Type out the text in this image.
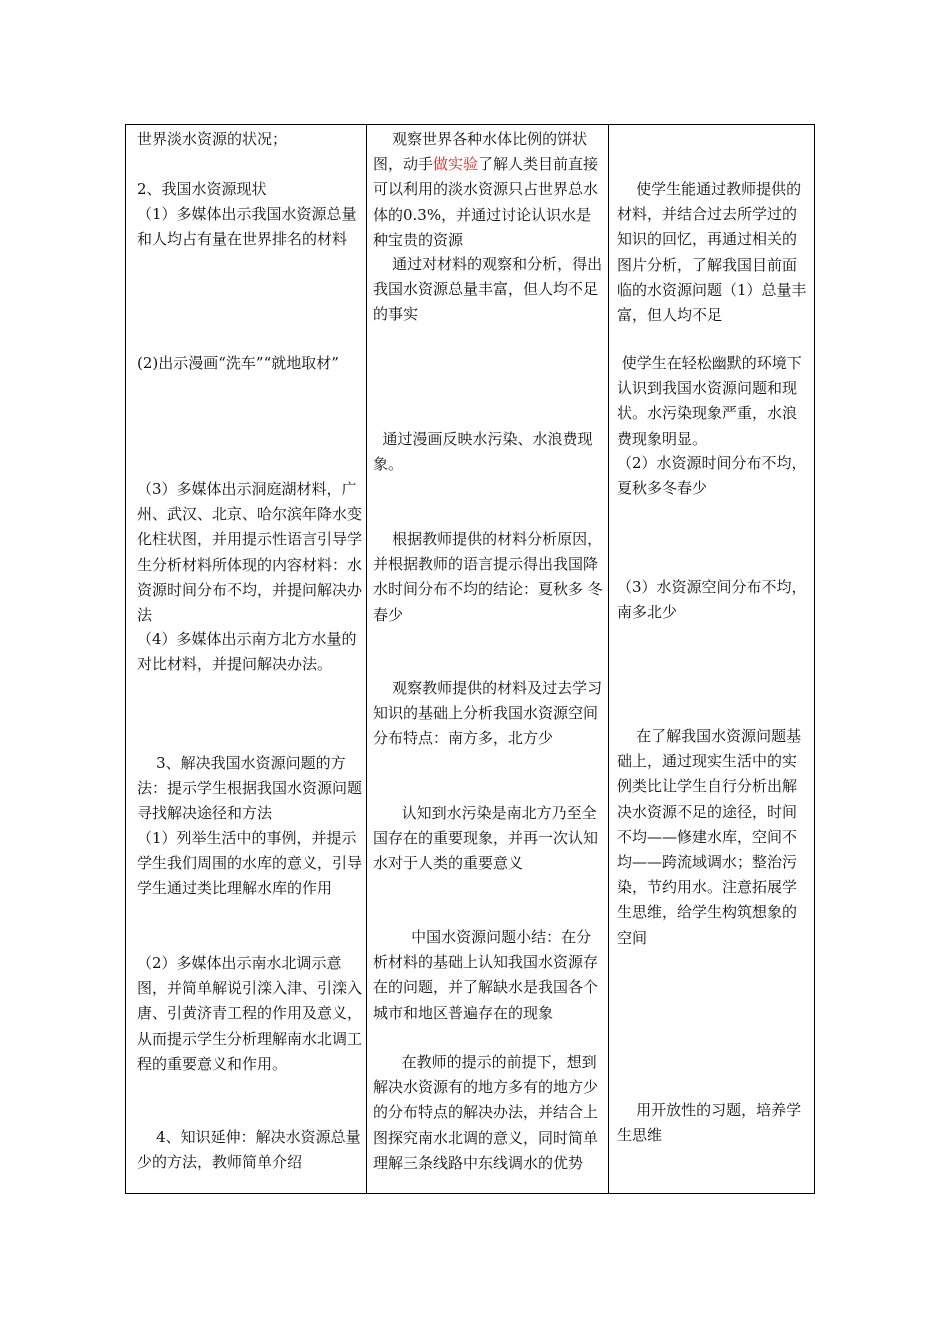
世界淡水资源的状况；
2、我国水资源现状
（1）多媒体出示我国水资源总量和人均占有量在世界排名的材料
(2)出示漫画“洗车”“就地取材”
（3）多媒体出示洞庭湖材料，广州、武汉、北京、哈尔滨年降水变化柱状图，并用提示性语言引导学生分析材料所体现的内容材料：水资源时间分布不均，并提问解决办法
（4）多媒体出示南方北方水量的对比材料，并提问解决办法。
3、解决我国水资源问题的方法：提示学生根据我国水资源问题寻找解决途径和方法
（1）列举生活中的事例，并提示学生我们周围的水库的意义，引导学生通过类比理解水库的作用
（2）多媒体出示南水北调示意图，并简单解说引滦入津、引滦入唐、引黄济青工程的作用及意义，从而提示学生分析理解南水北调工程的重要意义和作用。
4、知识延伸：解决水资源总量少的方法，教师简单介绍
观察世界各种水体比例的饼状图，动手做实验了解人类目前直接可以利用的淡水资源只占世界总水体的0.3%，并通过讨论认识水是种宝贵的资源
通过对材料的观察和分析，得出我国水资源总量丰富，但人均不足的事实
通过漫画反映水污染、水浪费现象。
根据教师提供的材料分析原因，并根据教师的语言提示得出我国降水时间分布不均的结论：夏秋多 冬春少
观察教师提供的材料及过去学习知识的基础上分析我国水资源空间分布特点：南方多，北方少
认知到水污染是南北方乃至全国存在的重要现象，并再一次认知水对于人类的重要意义
中国水资源问题小结：在分析材料的基础上认知我国水资源存在的问题，并了解缺水是我国各个城市和地区普遍存在的现象
在教师的提示的前提下，想到解决水资源有的地方多有的地方少的分布特点的解决办法，并结合上图探究南水北调的意义，同时简单理解三条线路中东线调水的优势
使学生能通过教师提供的材料，并结合过去所学过的知识的回忆，再通过相关的图片分析，了解我国目前面临的水资源问题（1）总量丰富，但人均不足
使学生在轻松幽默的环境下认识到我国水资源问题和现状。水污染现象严重，水浪费现象明显。
（2）水资源时间分布不均，夏秋多冬春少
（3）水资源空间分布不均，南多北少
在了解我国水资源问题基础上，通过现实生活中的实例类比让学生自行分析出解决水资源不足的途径，时间不均——修建水库，空间不均——跨流域调水；整治污染，节约用水。注意拓展学生思维，给学生构筑想象的空间
用开放性的习题，培养学生思维
